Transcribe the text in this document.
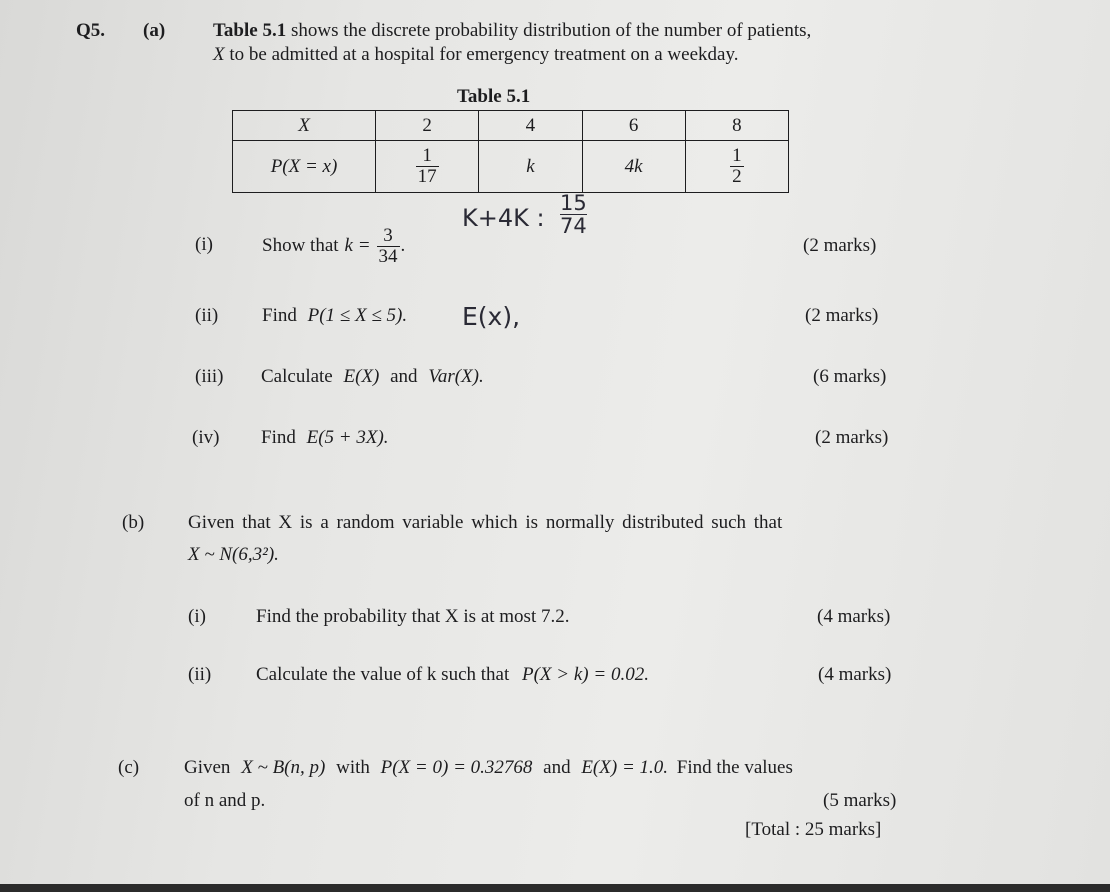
Q5. (a)	Table 5.1 shows the discrete probability distribution of the number of patients,
X to be admitted at a hospital for emergency treatment on a weekday.
Table 5.1
X	2	4	6	8
P(X = x)	$\frac{1}{17}$	k	4k	$\frac{1}{2}$
K+4K : $\frac{15}{74}$
E(x),
(i)	Show that $k = \frac{3}{34}$ .	(2 marks)
(ii) Find P(1 ≤ X ≤ 5).	(2 marks)
(iii) Calculate E(X) and Var(X).	(6 marks)
(iv) Find E(5 + 3X).	(2 marks)
(b) Given that X is a random variable which is normally distributed such that
X ~ N(6,3²).
(i)	Find the probability that X is at most 7.2.	(4 marks)
(ii) Calculate the value of k such that P(X > k) = 0.02.	(4 marks)
(c) Given X ~ B(n, p) with P(X = 0) = 0.32768 and E(X) = 1.0. Find the values
of n and p.	(5 marks)
[Total : 25 marks]
